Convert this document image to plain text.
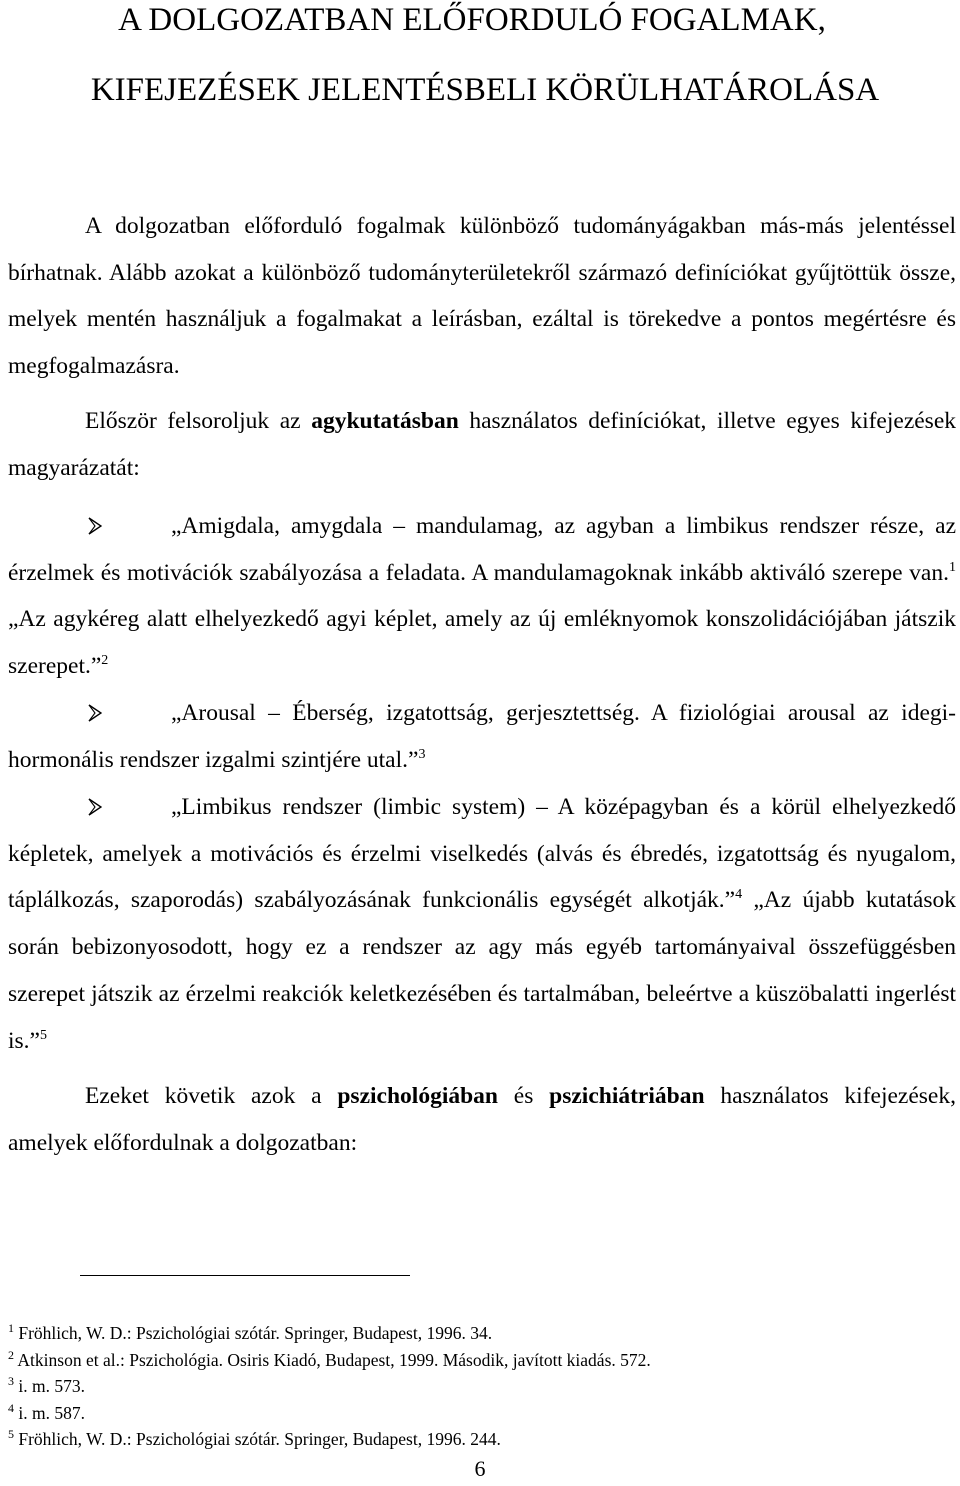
A DOLGOZATBAN ELŐFORDULÓ FOGALMAK,
KIFEJEZÉSEK JELENTÉSBELI KÖRÜLHATÁROLÁSA

A dolgozatban előforduló fogalmak különböző tudományágakban más-más jelentéssel bírhatnak. Alább azokat a különböző tudományterületekről származó definíciókat gyűjtöttük össze, melyek mentén használjuk a fogalmakat a leírásban, ezáltal is törekedve a pontos megértésre és megfogalmazásra.

Először felsoroljuk az agykutatásban használatos definíciókat, illetve egyes kifejezések magyarázatát:

„Amigdala, amygdala – mandulamag, az agyban a limbikus rendszer része, az érzelmek és motivációk szabályozása a feladata. A mandulamagoknak inkább aktiváló szerepe van.$^1$ „Az agykéreg alatt elhelyezkedő agyi képlet, amely az új emléknyomok konszolidációjában játszik szerepet.”$^2$

„Arousal – Éberség, izgatottság, gerjesztettség. A fiziológiai arousal az idegi-hormonális rendszer izgalmi szintjére utal.”$^3$

„Limbikus rendszer (limbic system) – A középagyban és a körül elhelyezkedő képletek, amelyek a motivációs és érzelmi viselkedés (alvás és ébredés, izgatottság és nyugalom, táplálkozás, szaporodás) szabályozásának funkcionális egységét alkotják.”$^4$ „Az újabb kutatások során bebizonyosodott, hogy ez a rendszer az agy más egyéb tartományaival összefüggésben szerepet játszik az érzelmi reakciók keletkezésében és tartalmában, beleértve a küszöbalatti ingerlést is.”$^5$

Ezeket követik azok a pszichológiában és pszichiátriában használatos kifejezések, amelyek előfordulnak a dolgozatban:

$^1$ Fröhlich, W. D.: Pszichológiai szótár. Springer, Budapest, 1996. 34.

$^2$ Atkinson et al.: Pszichológia. Osiris Kiadó, Budapest, 1999. Második, javított kiadás. 572.

$^3$ i. m. 573.

$^4$ i. m. 587.

$^5$ Fröhlich, W. D.: Pszichológiai szótár. Springer, Budapest, 1996. 244.

6
